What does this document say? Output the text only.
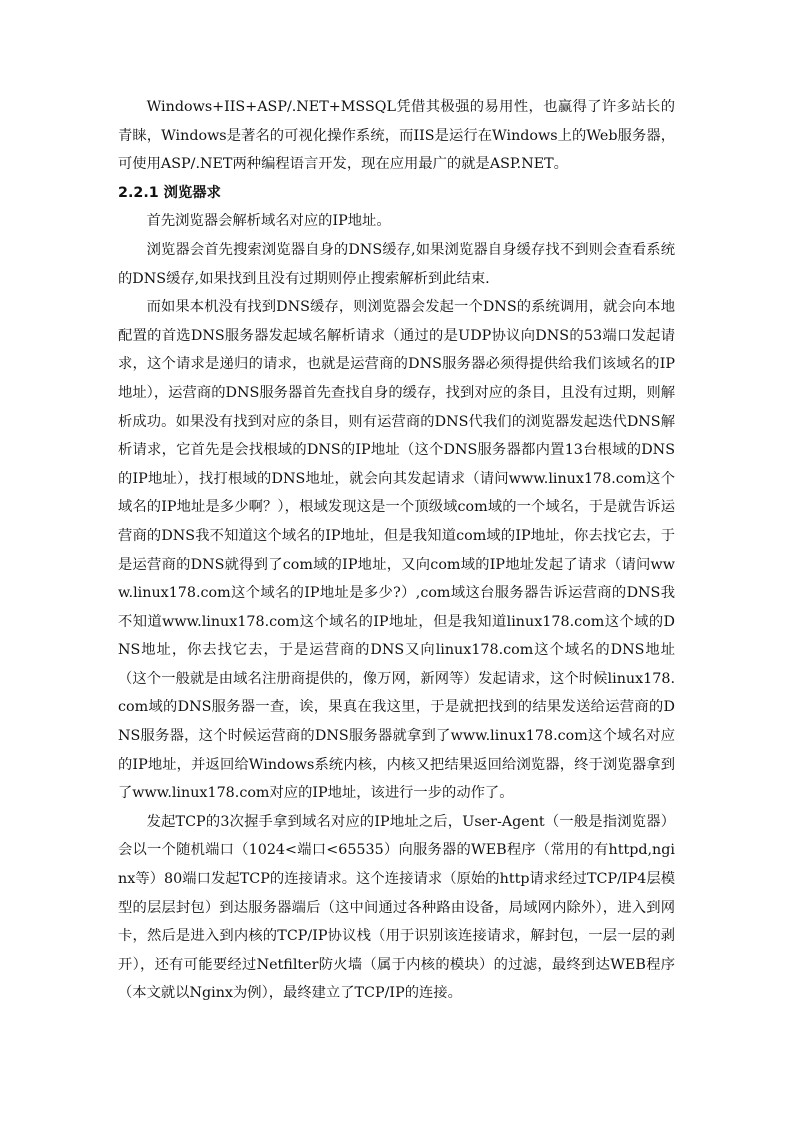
Windows+IIS+ASP/.NET+MSSQL凭借其极强的易用性，也赢得了许多站长的青睐，Windows是著名的可视化操作系统，而IIS是运行在Windows上的Web服务器，可使用ASP/.NET两种编程语言开发，现在应用最广的就是ASP.NET。

2.2.1 浏览器求

首先浏览器会解析域名对应的IP地址。

浏览器会首先搜索浏览器自身的DNS缓存,如果浏览器自身缓存找不到则会查看系统的DNS缓存,如果找到且没有过期则停止搜索解析到此结束.

而如果本机没有找到DNS缓存，则浏览器会发起一个DNS的系统调用，就会向本地配置的首选DNS服务器发起域名解析请求（通过的是UDP协议向DNS的53端口发起请求，这个请求是递归的请求，也就是运营商的DNS服务器必须得提供给我们该域名的IP地址），运营商的DNS服务器首先查找自身的缓存，找到对应的条目，且没有过期，则解析成功。如果没有找到对应的条目，则有运营商的DNS代我们的浏览器发起迭代DNS解析请求，它首先是会找根域的DNS的IP地址（这个DNS服务器都内置13台根域的DNS的IP地址），找打根域的DNS地址，就会向其发起请求（请问www.linux178.com这个域名的IP地址是多少啊？），根域发现这是一个顶级域com域的一个域名，于是就告诉运营商的DNS我不知道这个域名的IP地址，但是我知道com域的IP地址，你去找它去，于是运营商的DNS就得到了com域的IP地址，又向com域的IP地址发起了请求（请问www.linux178.com这个域名的IP地址是多少?）,com域这台服务器告诉运营商的DNS我不知道www.linux178.com这个域名的IP地址，但是我知道linux178.com这个域的DNS地址，你去找它去，于是运营商的DNS又向linux178.com这个域名的DNS地址（这个一般就是由域名注册商提供的，像万网，新网等）发起请求，这个时候linux178.com域的DNS服务器一查，诶，果真在我这里，于是就把找到的结果发送给运营商的DNS服务器，这个时候运营商的DNS服务器就拿到了www.linux178.com这个域名对应的IP地址，并返回给Windows系统内核，内核又把结果返回给浏览器，终于浏览器拿到了www.linux178.com对应的IP地址，该进行一步的动作了。

发起TCP的3次握手拿到域名对应的IP地址之后，User-Agent（一般是指浏览器）会以一个随机端口（1024<端口<65535）向服务器的WEB程序（常用的有httpd,nginx等）80端口发起TCP的连接请求。这个连接请求（原始的http请求经过TCP/IP4层模型的层层封包）到达服务器端后（这中间通过各种路由设备，局域网内除外），进入到网卡，然后是进入到内核的TCP/IP协议栈（用于识别该连接请求，解封包，一层一层的剥开），还有可能要经过Netfilter防火墙（属于内核的模块）的过滤，最终到达WEB程序（本文就以Nginx为例），最终建立了TCP/IP的连接。
